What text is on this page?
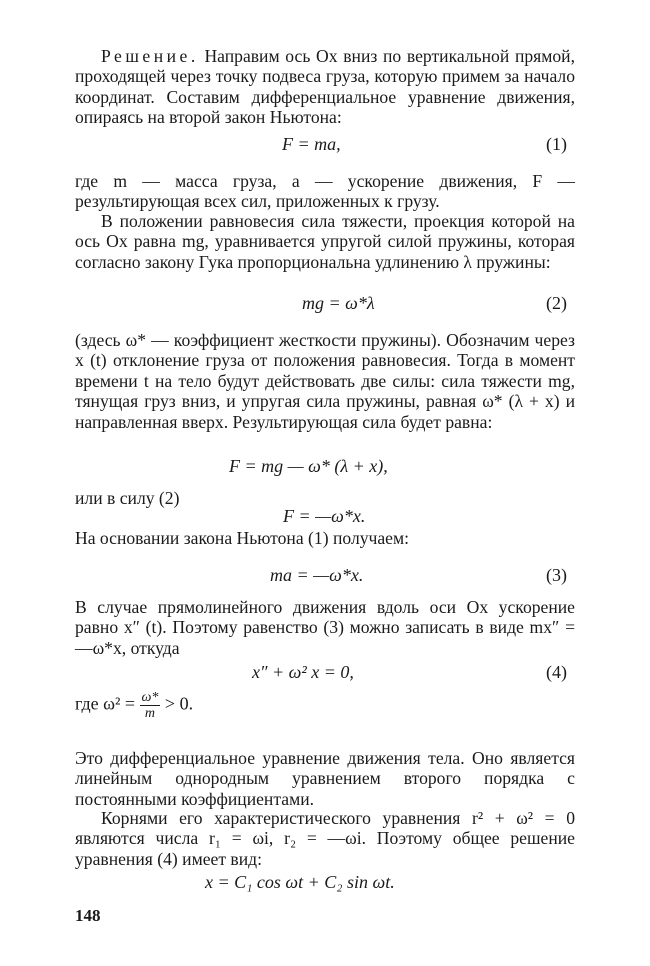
Решение. Направим ось Ox вниз по вертикальной прямой, проходящей через точку подвеса груза, которую примем за начало координат. Составим дифференциальное уравнение движения, опираясь на второй закон Ньютона:

F = ma,	(1)

где m — масса груза, a — ускорение движения, F — результирующая всех сил, приложенных к грузу.

В положении равновесия сила тяжести, проекция которой на ось Ox равна mg, уравнивается упругой силой пружины, которая согласно закону Гука пропорциональна удлинению λ пружины:

mg = ω*λ	(2)

(здесь ω* — коэффициент жесткости пружины). Обозначим через x (t) отклонение груза от положения равновесия. Тогда в момент времени t на тело будут действовать две силы: сила тяжести mg, тянущая груз вниз, и упругая сила пружины, равная ω* (λ + x) и направленная вверх. Результирующая сила будет равна:

F = mg — ω* (λ + x),

или в силу (2)

F = —ω*x.

На основании закона Ньютона (1) получаем:

ma = —ω*x.	(3)

В случае прямолинейного движения вдоль оси Ox ускорение равно x″ (t). Поэтому равенство (3) можно записать в виде mx″ = —ω*x, откуда

x″ + ω² x = 0,	(4)
где $\omega^2 = \frac{\omega*}{m} > 0$.

Это дифференциальное уравнение движения тела. Оно является линейным однородным уравнением второго порядка с постоянными коэффициентами.

Корнями его характеристического уравнения r² + ω² = 0 являются числа r₁ = ωi, r₂ = —ωi. Поэтому общее решение уравнения (4) имеет вид:

x = C₁ cos ωt + C₂ sin ωt.
148
